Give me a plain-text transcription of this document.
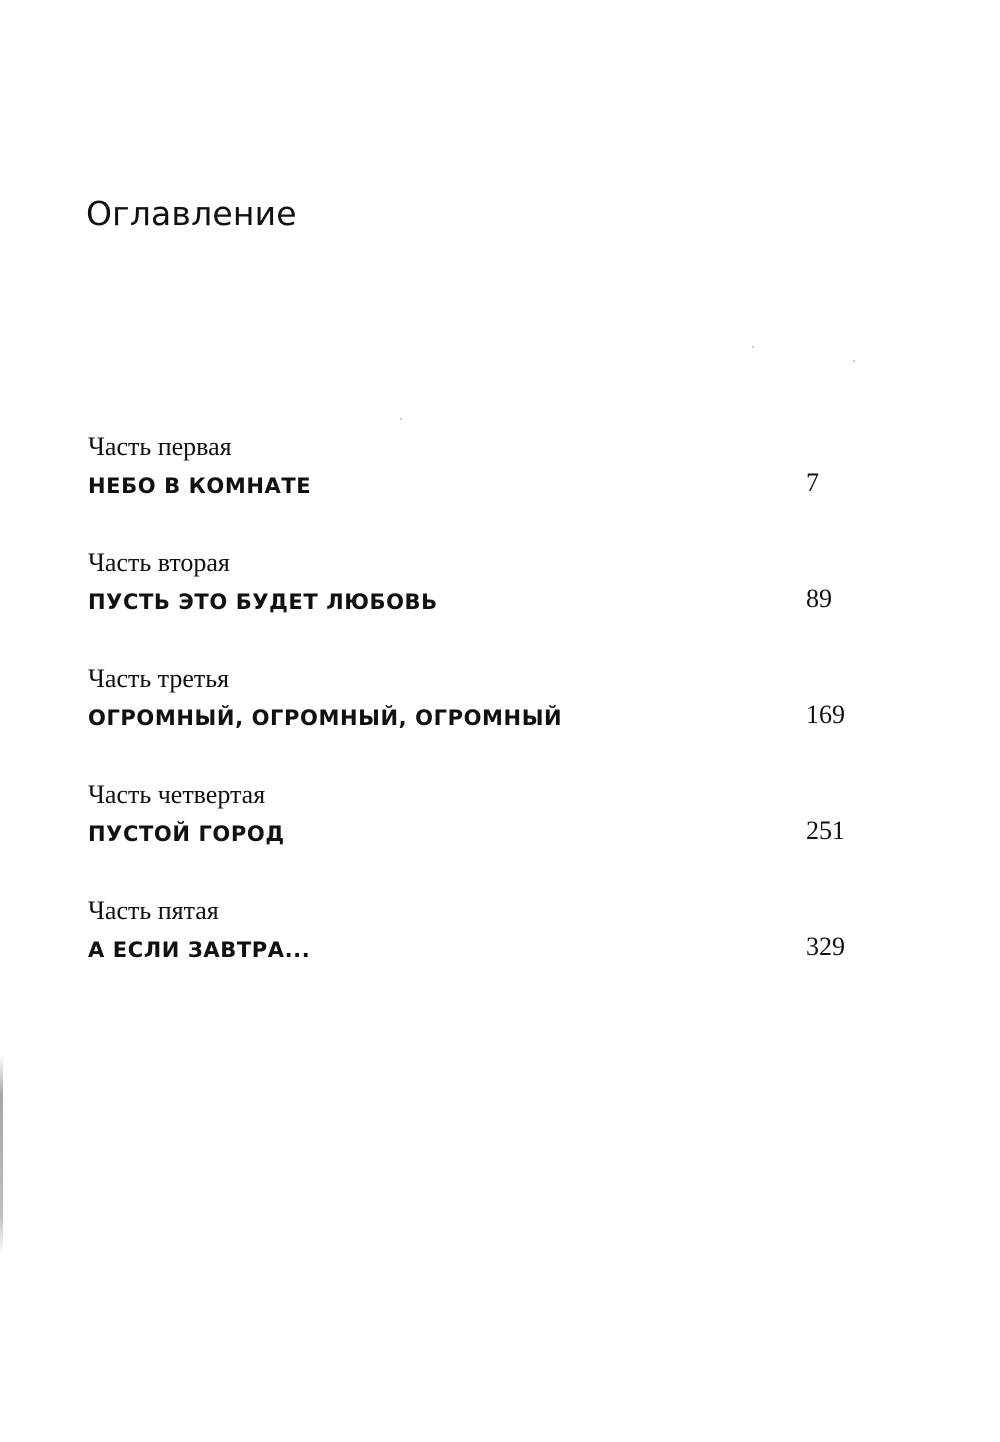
Оглавление
Часть первая
НЕБО В КОМНАТЕ	7
Часть вторая
ПУСТЬ ЭТО БУДЕТ ЛЮБОВЬ	89
Часть третья
ОГРОМНЫЙ, ОГРОМНЫЙ, ОГРОМНЫЙ	169
Часть четвертая
ПУСТОЙ ГОРОД	251
Часть пятая
А ЕСЛИ ЗАВТРА...	329
